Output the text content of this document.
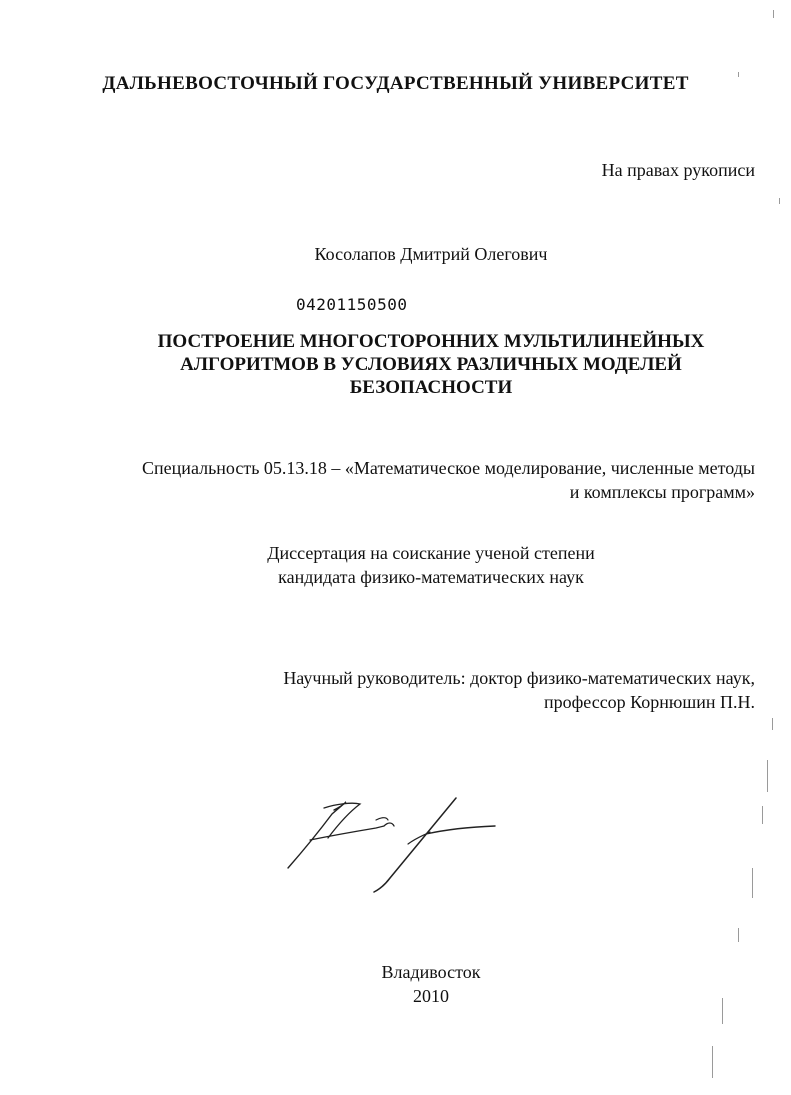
ДАЛЬНЕВОСТОЧНЫЙ ГОСУДАРСТВЕННЫЙ УНИВЕРСИТЕТ
На правах рукописи
Косолапов Дмитрий Олегович
04201150500
ПОСТРОЕНИЕ МНОГОСТОРОННИХ МУЛЬТИЛИНЕЙНЫХ
АЛГОРИТМОВ В УСЛОВИЯХ РАЗЛИЧНЫХ МОДЕЛЕЙ
БЕЗОПАСНОСТИ
Специальность 05.13.18 – «Математическое моделирование, численные методы
и комплексы программ»
Диссертация на соискание ученой степени
кандидата физико-математических наук
Научный руководитель: доктор физико-математических наук,
профессор Корнюшин П.Н.
Владивосток
2010
